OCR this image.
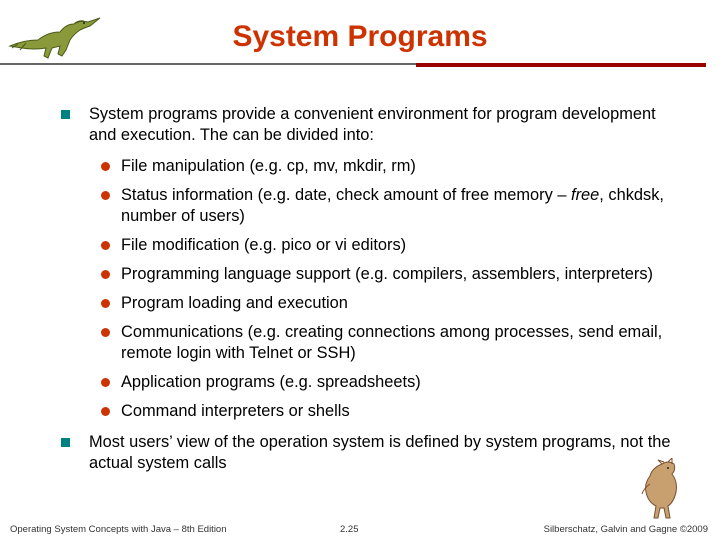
System Programs
System programs provide a convenient environment for program development and execution. The can be divided into:
File manipulation (e.g. cp, mv, mkdir, rm)
Status information (e.g. date, check amount of free memory – free, chkdsk, number of users)
File modification (e.g. pico or vi editors)
Programming language support (e.g. compilers, assemblers, interpreters)
Program loading and execution
Communications (e.g. creating connections among processes, send email, remote login with Telnet or SSH)
Application programs (e.g. spreadsheets)
Command interpreters or shells
Most users’ view of the operation system is defined by system programs, not the actual system calls
Operating System Concepts with Java – 8th Edition	2.25	Silberschatz, Galvin and Gagne ©2009
